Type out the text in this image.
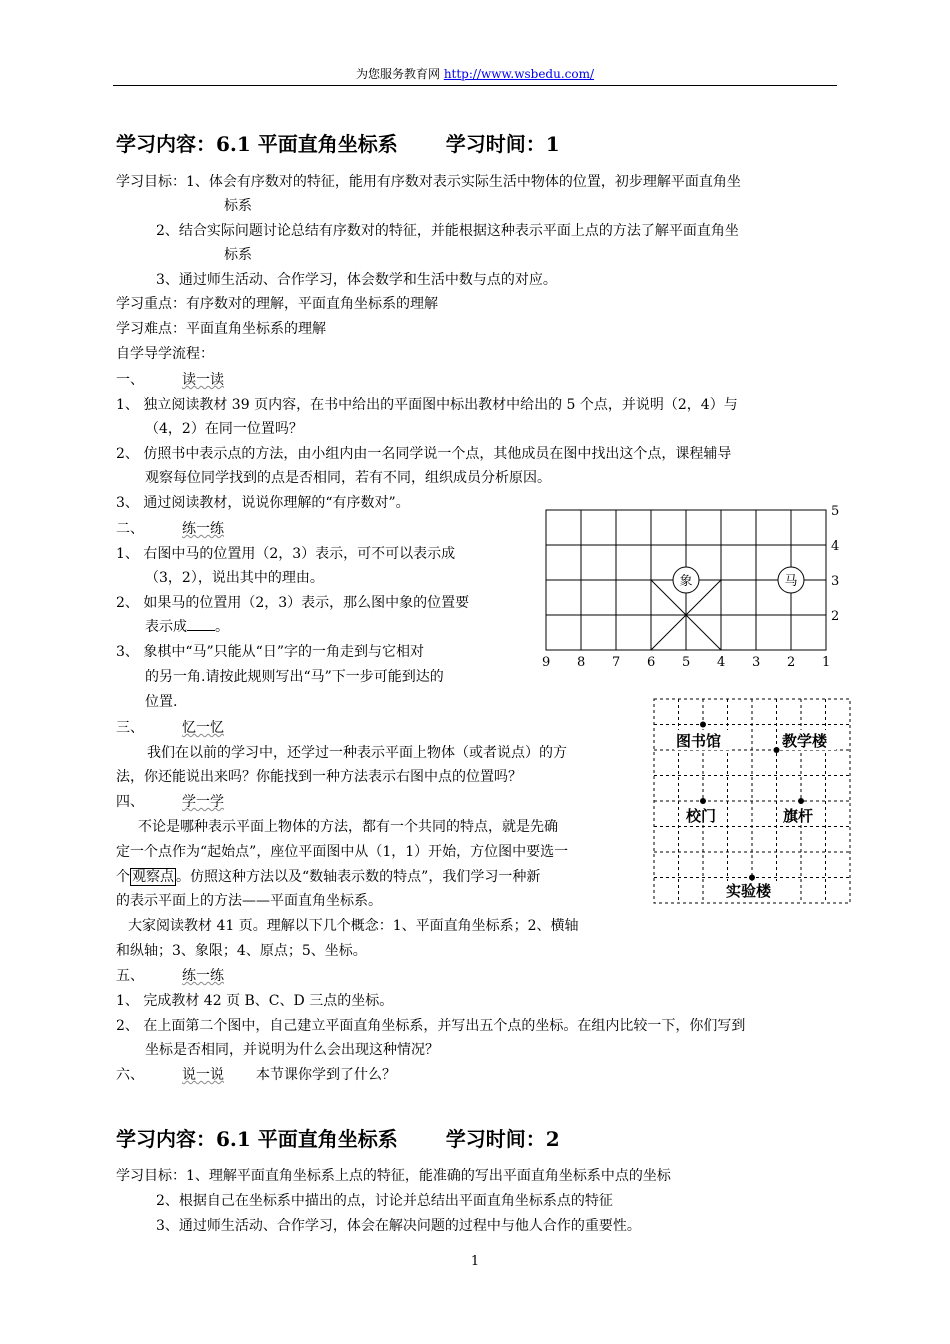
为您服务教育网 http://www.wsbedu.com/
学习内容：6.1 平面直角坐标系 学习时间：1
学习目标：1、体会有序数对的特征，能用有序数对表示实际生活中物体的位置，初步理解平面直角坐
标系
2、结合实际问题讨论总结有序数对的特征，并能根据这种表示平面上点的方法了解平面直角坐
标系
3、通过师生活动、合作学习，体会数学和生活中数与点的对应。
学习重点：有序数对的理解，平面直角坐标系的理解
学习难点：平面直角坐标系的理解
自学导学流程：
一、	读一读
1、 独立阅读教材 39 页内容，在书中给出的平面图中标出教材中给出的 5 个点，并说明（2，4）与
（4，2）在同一位置吗？
2、 仿照书中表示点的方法，由小组内由一名同学说一个点，其他成员在图中找出这个点，课程辅导
观察每位同学找到的点是否相同，若有不同，组织成员分析原因。
3、 通过阅读教材，说说你理解的“有序数对”。
二、	练一练
1、 右图中马的位置用（2，3）表示，可不可以表示成
（3，2），说出其中的理由。
2、 如果马的位置用（2，3）表示，那么图中象的位置要
表示成 。
3、 象棋中“马”只能从“日”字的一角走到与它相对
的另一角.请按此规则写出“马”下一步可能到达的
位置.
三、	忆一忆
我们在以前的学习中，还学过一种表示平面上物体（或者说点）的方
法，你还能说出来吗？你能找到一种方法表示右图中点的位置吗？
四、	学一学
不论是哪种表示平面上物体的方法，都有一个共同的特点，就是先确
定一个点作为“起始点”，座位平面图中从（1，1）开始，方位图中要选一
个 观察点 。仿照这种方法以及“数轴表示数的特点”，我们学习一种新
的表示平面上的方法——平面直角坐标系。
大家阅读教材 41 页。理解以下几个概念：1、平面直角坐标系；2、横轴
和纵轴；3、象限；4、原点；5、坐标。
五、	练一练
1、 完成教材 42 页 B、C、D 三点的坐标。
2、 在上面第二个图中，自己建立平面直角坐标系，并写出五个点的坐标。在组内比较一下，你们写到
坐标是否相同，并说明为什么会出现这种情况？
六、	说一说 本节课你学到了什么？
学习内容：6.1 平面直角坐标系 学习时间：2
学习目标：1、理解平面直角坐标系上点的特征，能准确的写出平面直角坐标系中点的坐标
2、根据自己在坐标系中描出的点，讨论并总结出平面直角坐标系点的特征
3、通过师生活动、合作学习，体会在解决问题的过程中与他人合作的重要性。
1
9 8 7 6 5 4 3 2 1
5
4
3
2
象	马
图书馆	教学楼
校门	旗杆
实验楼
